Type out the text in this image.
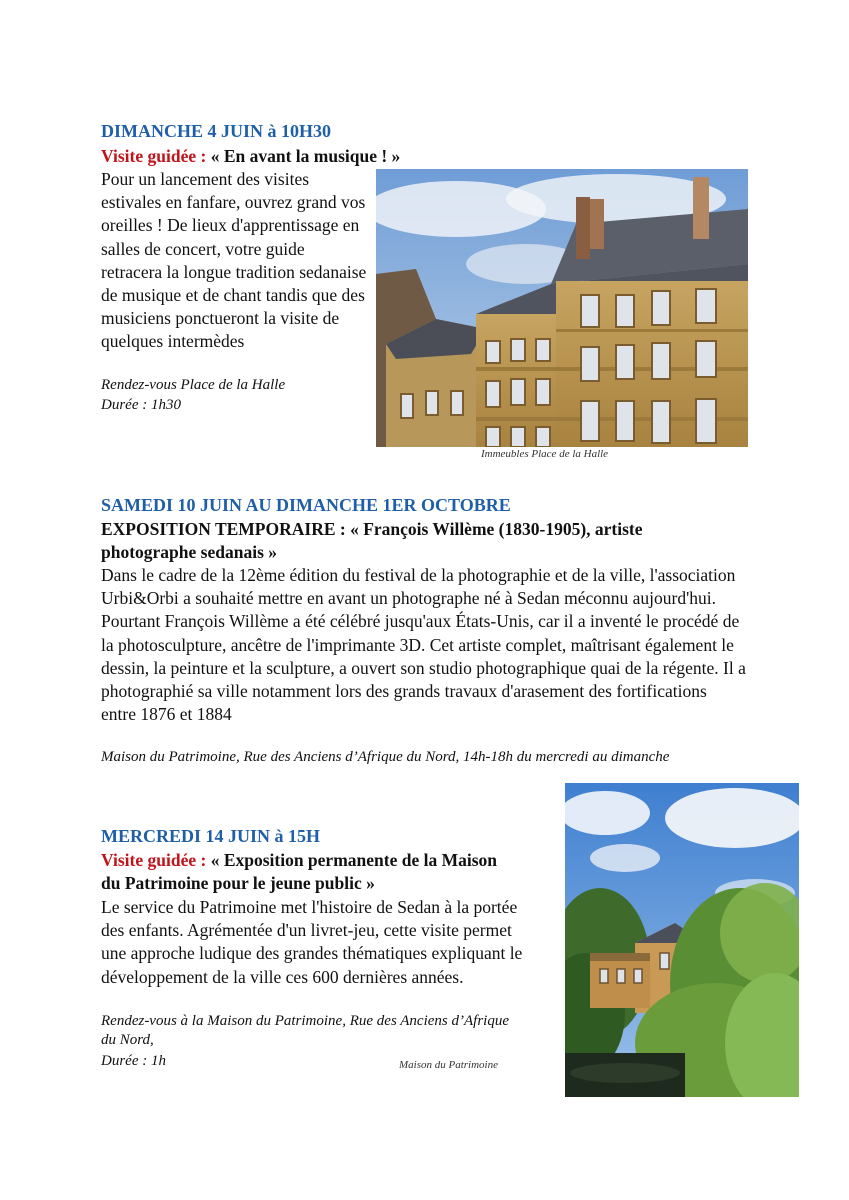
DIMANCHE 4 JUIN à 10H30
Visite guidée : « En avant la musique ! »
Pour un lancement des visites estivales en fanfare, ouvrez grand vos oreilles ! De lieux d'apprentissage en salles de concert, votre guide retracera la longue tradition sedanaise de musique et de chant tandis que des musiciens ponctueront la visite de quelques intermèdes
Rendez-vous Place de la Halle
Durée : 1h30
Immeubles Place de la Halle
SAMEDI 10 JUIN AU DIMANCHE 1ER OCTOBRE
EXPOSITION TEMPORAIRE : « François Willème (1830-1905), artiste photographe sedanais »
Dans le cadre de la 12ème édition du festival de la photographie et de la ville, l'association Urbi&Orbi a souhaité mettre en avant un photographe né à Sedan méconnu aujourd'hui. Pourtant François Willème a été célébré jusqu'aux États-Unis, car il a inventé le procédé de la photosculpture, ancêtre de l'imprimante 3D. Cet artiste complet, maîtrisant également le dessin, la peinture et la sculpture, a ouvert son studio photographique quai de la régente. Il a photographié sa ville notamment lors des grands travaux d'arasement des fortifications entre 1876 et 1884
Maison du Patrimoine, Rue des Anciens d’Afrique du Nord, 14h-18h du mercredi au dimanche
MERCREDI 14 JUIN à 15H
Visite guidée : « Exposition permanente de la Maison du Patrimoine pour le jeune public »
Le service du Patrimoine met l'histoire de Sedan à la portée des enfants. Agrémentée d'un livret-jeu, cette visite permet une approche ludique des grandes thématiques expliquant le développement de la ville ces 600 dernières années.
Rendez-vous à la Maison du Patrimoine, Rue des Anciens d’Afrique du Nord,
Durée : 1h	Maison du Patrimoine
